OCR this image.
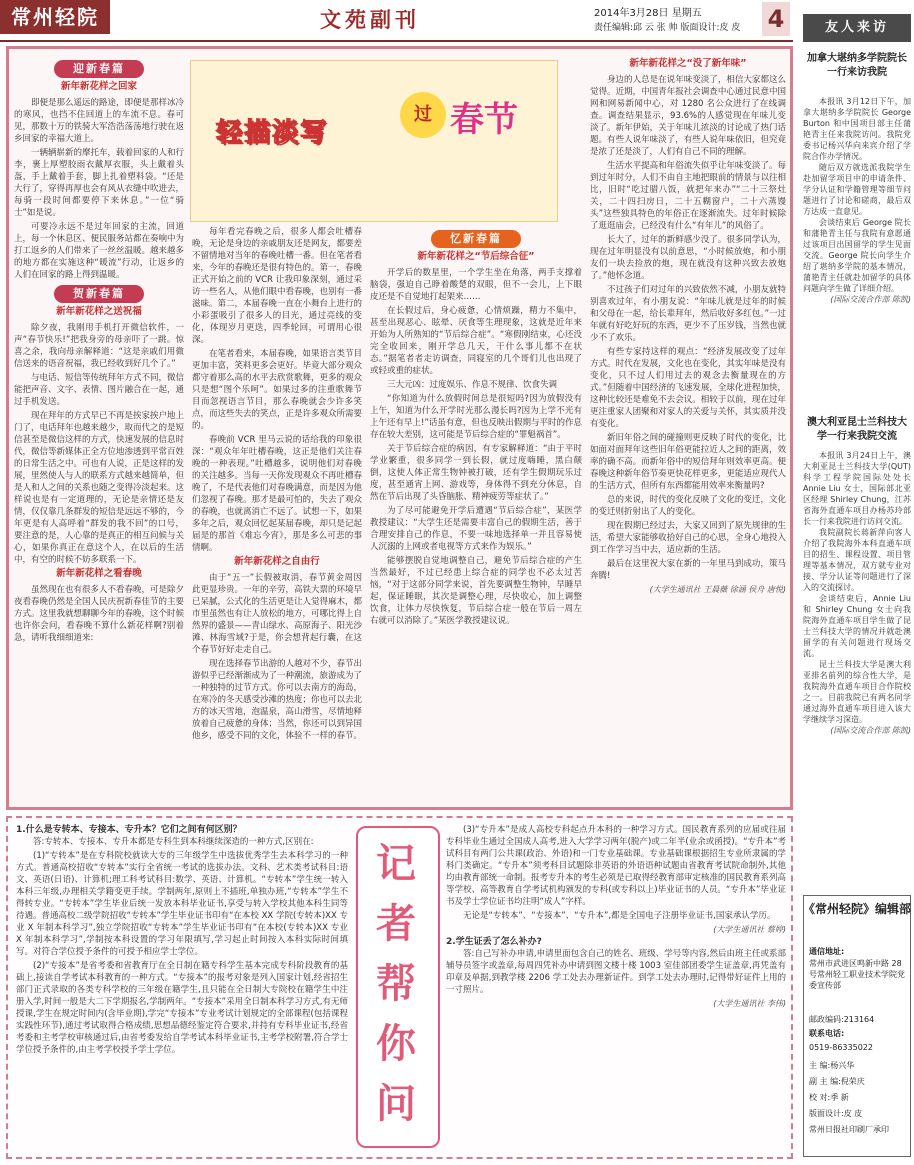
常州轻院	文苑副刊	2014年3月28日 星期五
责任编辑:邱 云 张 帅 版面设计:皮 皮 4
轻描淡写
过 春节
迎新春篇
新年新花样之回家

即便是那么遥远的路途，即便是那样冰冷的寒风，也挡不住回道上的车流不息。春可见，那数十万的铁骑大军浩浩荡荡地行驶在返乡回家的幸福大道上。

一辆辆崭新的摩托车，载着回家的人和行李，裹上厚塑胶雨衣戴厚衣服，头上戴着头盔，手上戴着手套，脚上扎着塑料袋。“还是大行了，穿得再厚也会有风从衣缝中吹进去，每骑一段时间都要停下来休息。”一位“骑士”如是说。

可要冷永远不是过年回家的主流，回道上，每一个休息区、便民服务站都在奏响中为打工返乡的人们带来了一丝丝温暖。越来越多的地方都在实施这种“暖流”行动，让返乡的人们在回家的路上得到温暖。

贺新春篇
新年新花样之送祝福

除夕夜，我刚用手机打开微信软件，一声“春节快乐!”把我身旁的母亲吓了一跳。惊喜之余，我向母亲解释道：“这是亲戚们用微信送来的语音祝福，我已经收到好几个了。”

与电话、短信等传统拜年方式不同，微信能把声音、文字、表情、图片融合在一起，通过手机发送。

现在拜年的方式早已不再是挨家挨户地上门了，电话拜年也越来越少，取而代之的是短信甚至是微信这样的方式，快速发展的信息时代，微信等新媒体正全方位地渗透到平常百姓的日常生活之中。可也有人说，正是这样的发展，里然使人与人的联系方式越来越简单，但是人和人之间的关系也随之变得冷淡起来。这样说也是有一定道理的，无论是亲情还是友情，仅仅靠几条群发的短信是远远不够的，今年更是有人高呼着“群发的我不回”的口号，要注意的是，人心靠的是真正的相互问候与关心，如果你真正在意这个人，在以后的生活中，有空的时候不妨多联系一下。

新年新花样之看春晚

虽然现在也有很多人不看春晚，可是除夕夜看春晚仍然是全国人民庆祝新春佳节的主要方式。这里我就想聊聊今年的春晚，这个时候也许你会问，看春晚不算什么新花样啊?别着急，请听我细细道来:

每年看完春晚之后，很多人都会吐槽春晚，无论是身边的亲戚朋友还是网友，都要差不留情地对当年的春晚吐槽一番。但在笔者看来，今年的春晚还是很有特色的。第一，春晚正式开始之前的 VCR 让我印象深刻，通过采访一些名人，从他们眼中看春晚，也别有一番滋味。第二，本届春晚一直在小舞台上进行的小彩蛋吸引了很多人的目光，通过亮线的变化，体现岁月更迭，四季轮回，可谓用心很深。

在笔者看来，本届春晚，如果语言类节目更加丰富，笑料更多会更好。毕竟大部分观众都守着那么高的水平去欣赏歌舞，更多的观众只是想“图个乐呵”。如果过多的注重歌舞节目而忽视语言节目，那么春晚就会少许多笑点，而这些失去的笑点，正是许多观众所需要的。

春晚前 VCR 里马云说的话给我的印象很深：“观众年年吐槽春晚，这正是他们关注春晚的一种表现。”吐槽越多，说明他们对春晚的关注越多。当每一天你发现观众不再吐槽春晚了，不是代表他们对春晚满意，而是因为他们忽视了春晚。那才是最可怕的，失去了观众的春晚，也就离消亡不远了。试想一下，如果多年之后，观众回忆起某届春晚，却只是记起届是的那首《难忘今宵》，那是多么可悲的事情啊。

新年新花样之自由行

由于“五一”长假被取消，春节黄金周因此更显珍贵。一年的辛劳，高铁大票的环境早已呆腻，公式化的生活更是让人觉得麻木，都市里虽然也有让人放松的地方，可哪比得上自然界的盛景——青山绿水、高原海子、阳光沙滩、林海雪域?于是，你会想背起行囊，在这个春节好好走走自己。

现在选择春节出游的人越对不少，春节出游似乎已经渐渐成为了一种潮流，旅游成为了一种独特的过节方式。你可以去南方的海岛，在寒冷的冬天感受沙滩的热度；你也可以去北方的冰天雪地，泡温泉，高山滑雪，尽情地释放着自己疲惫的身体；当然，你还可以到异国他乡，感受不同的文化，体验不一样的春节。

忆新春篇
新年新花样之“节后综合征”

开学后的数星里，一个学生坐在角落，两手支撑着脑袋，强迫自己睁着酸楚的双眼，但不一会儿，上下眼皮还是不自觉地打起架来……

在长假过后，身心疲惫，心情烦躁，精力不集中，甚至出现恶心、眩晕、厌食等生理现象，这就是近年来开始为人所熟知的“节后综合症”。“寒假刚结束，心还没完全收回来，刚开学总几天，干什么事儿都不在状态。”据笔者者走访调查，同寝室的几个哥们儿也出现了或轻或重的症状。

三大元凶：过度娱乐、作息不规律、饮食失调

“你知道为什么放假时间总是很短吗?因为放假没有上午，知道为什么开学时光那么漫长吗?因为上学不光有上午还有早上!”话虽有意，但也反映出假期与平时的作息存在较大差别，这可能是节后综合症的“罪魁祸首”。

关于节后综合症的病因，有专家解释道：“由于平时学业繁重，很多同学一到长假，就过度嗨睡，黑白颠倒，这使人体正常生物钟被打破，还有学生假期玩乐过度，甚至通宵上网、游戏等，身体得不到充分休息，自然在节后出现了头昏脑胀、精神疲劳等症状了。”

为了尽可能避免开学后遭遇“节后综合症”，某医学教授建议：“大学生还是需要丰富自己的假期生活，善于合理安排自己的作息，不要一味地选择单一并且容易使人沉溺的上网或者电视等方式来作为娱乐。”

能够摆脱自觉地调整自己，避免节后综合症的产生当然最好，不过已经患上综合症的同学也不必太过苦恼，“对于这部分同学来说，首先要调整生物钟，早睡早起，保证睡眠，其次是调整心理，尽快收心，加上调整饮食，让体力尽快恢复，节后综合症一般在节后一周左右就可以消除了。”某医学教授建议说。

新年新花样之“没了新年味”

身边的人总是在说年味变淡了，相信大家都这么觉得。近期，中国青年报社会调查中心通过民意中国网和网易新闻中心，对 1280 名公众进行了在线调查。调查结果显示，93.6%的人感觉现在年味儿变淡了。新年伊始，关于年味儿浓淡的讨论成了热门话题。有些人说年味淡了，有些人说年味依旧，但究竟是浓了还是淡了，人们有自己不同的理解。

生活水平提高和年俗流失似乎让年味变淡了。每到过年时分，人们不由自主地把眼前的情景与以往相比，旧时“吃过腊八饭，就把年来办”“二十三祭灶关，二十四扫房日，二十五糊窗户，二十六蒸馒头”这些独具特色的年俗正在逐渐流失。过年时候除了逛逛庙会，已经没有什么“有年儿”的风俗了。

长大了，过年的新鲜感少没了。很多同学认为，现在过年明显没有以前意思，“小时候放炮，和小朋友们一块去捡放的炮，现在就没有这种兴致去放炮了。”他怀念道。

不过孩子们对过年的兴致依然不减，小朋友就特别喜欢过年，有小朋友说：“年味儿就是过年的时候和父母在一起，给长辈拜年，然后收好多红包。”一过年就有好吃好玩的东西，更少不了压岁钱，当然也就少不了欢乐。

有些专家持这样的观点：“经济发展改变了过年方式。时代在发展，文化也在变化，其实年味是没有变化，只不过人们用过去的观念去衡量现在的方式。”但随着中国经济的飞速发展，全球化进程加快，这种比较还是难免不去会议。相较于以前，现在过年更注重家人团聚和对家人的关爱与关怀，其实质并没有变化。

新旧年俗之间的碰撞则更反映了时代的变化，比如面对面拜年这些旧年俗更能拉近人之间的距离，效率的确不高。而新年俗中的短信拜年则效率更高。便春晚这种新年俗节奏更快花样更多，更能适应现代人的生活方式，但所有东西都能用效率来衡量吗?

总的来说，时代的变化反映了文化的变迁，文化的变迁则折射出了人的变化。

现在假期已经过去，大家又回到了原先规律的生活，希望大家能够收拾好自己的心思，全身心地投入到工作学习当中去，适应新的生活。

最后在这里祝大家在新的一年里马到成功，策马奔腾!

(大学生通讯社 王晨薇 徐涵 侯舟 唐悦)
1.什么是专转本、专接本、专升本？它们之间有何区别？

答:专转本、专接本、专升本都是专科生到本科继续深造的一种方式,区别在:

(1)“专转本”是在专科院校就读大专的三年级学生中选拔优秀学生去本科学习的一种方式。普通高校招收“专转本”实行全省统一考试的选拔办法。文科、艺术类考试科目:语文、英语(日语)、计算机;理工科考试科目:数学、英语、计算机。“专转本”学生统一转入本科三年级,办理相关学籍变更手续。学制两年,原则上不插班,单独办班,“专转本”学生不得转专业。“专转本”学生毕业后统一发放本科毕业证书,享受与转入学校其他本科生同等待遇。普通高校二级学院招收“专转本”学生毕业证书印有“在本校 XX 学院(专转本)XX 专业 X 年制本科学习”,独立学院招收“专转本”学生毕业证书印有“在本校(专转本)XX 专业 X 年制本科学习”,学制按本科设置的学习年限填写,学习起止时间按入本科实际时间填写。对符合学位授予条件的可授予相应学士学位。

(2)“专接本”是省考委和省教育厅在全日制在籍专科学生基本完成专科阶段教育的基础上,接读自学考试本科教育的一种方式。“专接本”的报考对象是列入国家计划,经省招生部门正式录取的各类专科学校的三年级在籍学生,且只能在全日制大专院校在籍学生中注册入学,时间一般是大二下学期报名,学制两年。“专接本”采用全日制本科学习方式,有无师授课,学生在规定时间内(含毕业期),学完“专接本”专业考试计划规定的全部课程(包括课程实践性环节),通过考试取得合格成绩,思想品德经鉴定符合要求,并持有专科毕业证书,经省考委和主考学校审核通过后,由省考委发给自学考试本科毕业证书,主考学校附署,符合学士学位授予条件的,由主考学校授予学士学位。

记
者
帮
你
问

(3)“专升本”是成人高校专科起点升本科的一种学习方式。国民教育系列的应届或往届专科毕业生通过全国成人高考,进入大学学习两年(脱产)或二年半(业余或函授)。“专升本”考试科目有两门公共课(政治、外语)和一门专业基础课。专业基础课根据招生专业所隶属的学科门类确定。“专升本”须考科目试题除非英语的外语语种试题由省教育考试院命制外,其他均由教育部统一命制。报考专升本的考生必须是已取得经教育部审定核准的国民教育系列高等学校、高等教育自学考试机构颁发的专科(或专科以上)毕业证书的人员。“专升本”毕业证书及学士学位证书均注明“成人”字样。

无论是“专转本”、“专接本”、“专升本”,都是全国电子注册毕业证书,国家承认学历。

(大学生通讯社 蔡婷)
2.学生证丢了怎么补办?

答:自己写补办申请,申请里面包含自己的姓名、班级、学号等内容,然后由班主任或系部辅导员签字或盖章,每周四凭补办申请到图文楼十楼 1003 室佳部团委学生证盖章,再凭盖有印章及单据,到教学楼 2206 学工处去办理新证件。到学工处去办理时,记得带好证件上用的一寸照片。

(大学生通讯社 李伟)
友人来访
加拿大堪纳多学院院长一行来访我院

本报讯 3月12日下午，加拿大堪纳多学院院长 George Burton 和中国项目部主任蒲艳青主任来我院访问。我院党委书记杨兴华向来宾介绍了学院合作办学情况。

随后双方就选派我院学生赴加留学项目中的申请条件、学分认证和学籍管理等细节问题进行了讨论和磋商，最后双方达成一直意见。

会谈结束后 George 院长和蒲艳青主任与我院有意愿通过该项目出国留学的学生见面交流。George 院长向学生介绍了堪纳多学院的基本情况，蒲艳青主任就赴加留学的具体问题向学生做了详细介绍。

(国际交流合作部 陈凯)
澳大利亚昆士兰科技大学一行来我院交流

本报讯 3月24日上午，澳大利亚昆士兰科技大学(QUT)科学工程学院国际处处长 Annie Liu 女士，国际部北亚区经理 Shirley Chung，江苏省海外直通车项目办杨苏玲部长一行来我院进行访问交流。

我院副院长蒋新萍向客人介绍了我院海外本科直通车项目的招生、课程设置、项目管理等基本情况，双方就专业对接、学分认证等问题进行了深入的交流探讨。

会谈结束后，Annie Liu 和 Shirley Chung 女士向我院海外直通车项目学生做了昆士兰科技大学的情况并就赴澳留学的有关问题进行现场交流。

昆士兰科技大学是澳大利亚排名前列的综合性大学，是我院海外直通车项目合作院校之一。目前我院已有两名同学通过海外直通车项目进入该大学继续学习深造。

(国际交流合作部 陈凯)
《常州轻院》编辑部
通信地址:
常州市武进区鸣新中路 28 号常州轻工职业技术学院党委宣传部
邮政编码:213164
联系电话:
0519-86335022
主 编:杨兴华
副 主 编:倪荣庆
校 对:季 新
版面设计:皮 皮
常州日报社印刷厂承印
